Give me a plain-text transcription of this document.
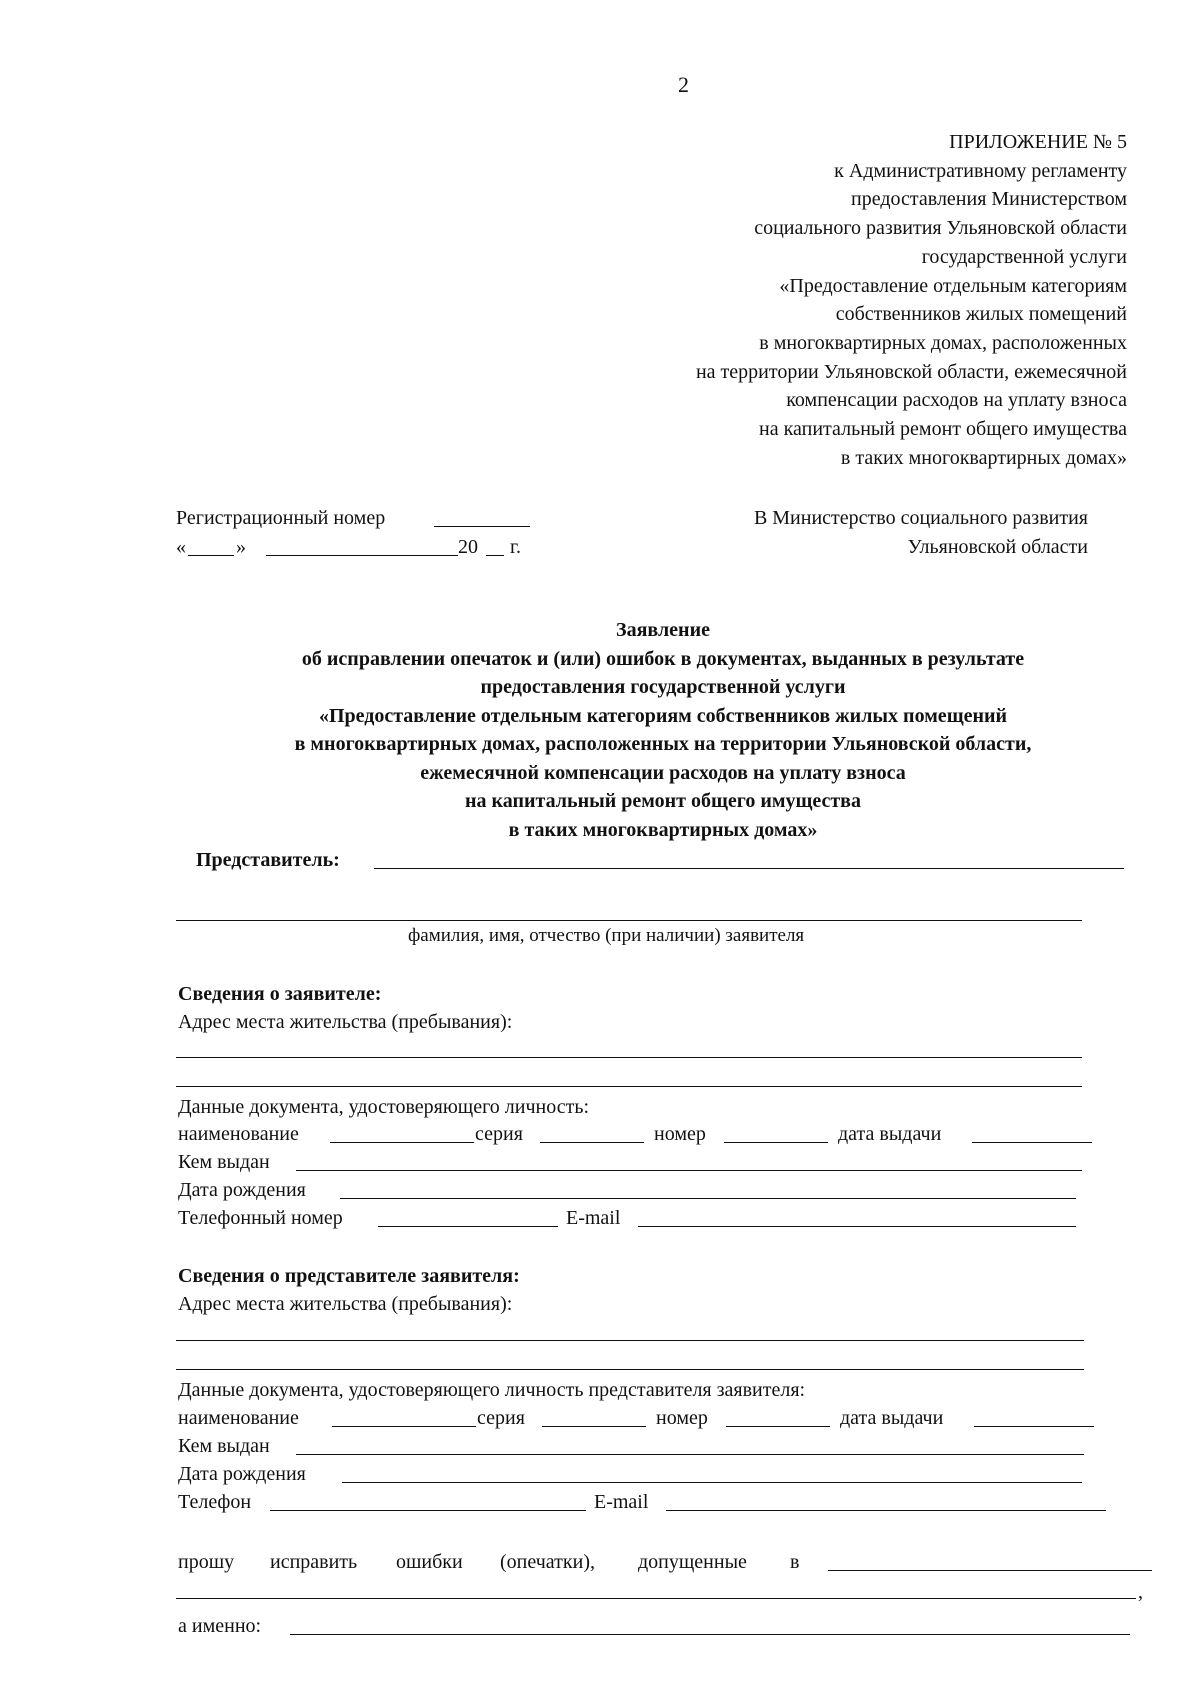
2
ПРИЛОЖЕНИЕ № 5
к Административному регламенту
предоставления Министерством
социального развития Ульяновской области
государственной услуги
«Предоставление отдельным категориям
собственников жилых помещений
в многоквартирных домах, расположенных
на территории Ульяновской области, ежемесячной
компенсации расходов на уплату взноса
на капитальный ремонт общего имущества
в таких многоквартирных домах»
Регистрационный номер
«	»	20 г.
В Министерство социального развития
Ульяновской области
Заявление
об исправлении опечаток и (или) ошибок в документах, выданных в результате
предоставления государственной услуги
«Предоставление отдельным категориям собственников жилых помещений
в многоквартирных домах, расположенных на территории Ульяновской области,
ежемесячной компенсации расходов на уплату взноса
на капитальный ремонт общего имущества
в таких многоквартирных домах»
Представитель:
фамилия, имя, отчество (при наличии) заявителя
Сведения о заявителе:
Адрес места жительства (пребывания):
Данные документа, удостоверяющего личность:
наименование	серия	номер	дата выдачи
Кем выдан
Дата рождения
Телефонный номер	E-mail
Сведения о представителе заявителя:
Адрес места жительства (пребывания):
Данные документа, удостоверяющего личность представителя заявителя:
наименование	серия	номер	дата выдачи
Кем выдан
Дата рождения
Телефон	E-mail
прошу исправить ошибки (опечатки), допущенные в
,
а именно:
